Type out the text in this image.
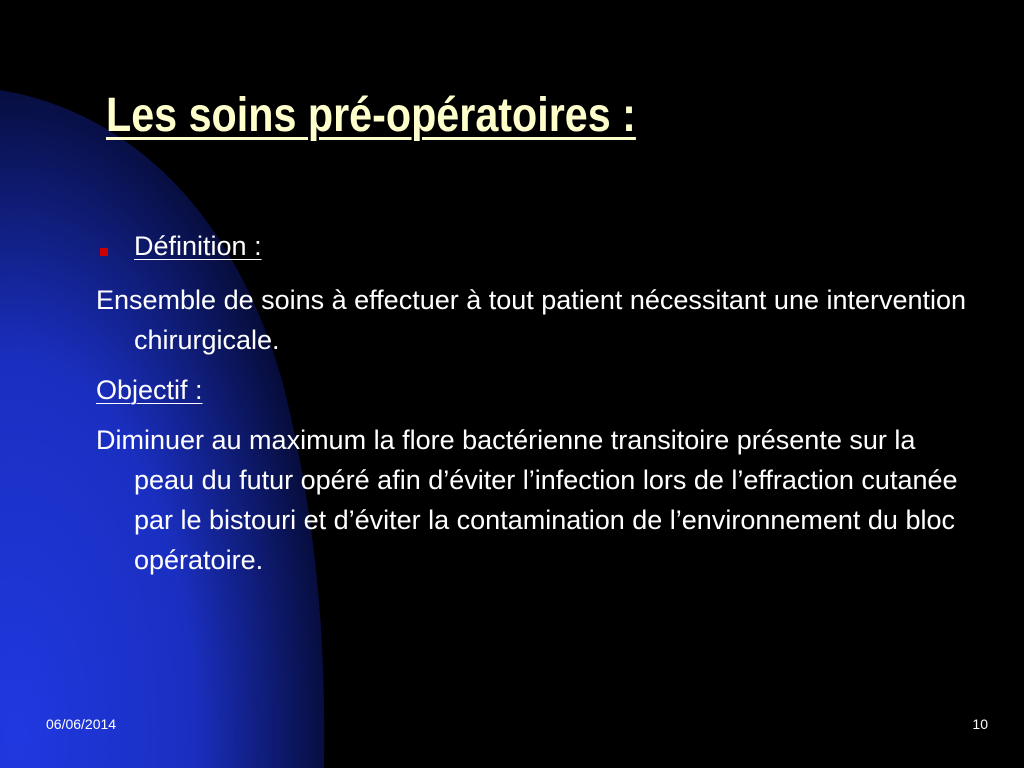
Les soins pré-opératoires :
Définition :

Ensemble de soins à effectuer à tout patient nécessitant une intervention chirurgicale.

Objectif :

Diminuer au maximum la flore bactérienne transitoire présente sur la peau du futur opéré afin d’éviter l’infection lors de l’effraction cutanée par le bistouri et d’éviter la contamination de l’environnement du bloc opératoire.

06/06/2014	10
